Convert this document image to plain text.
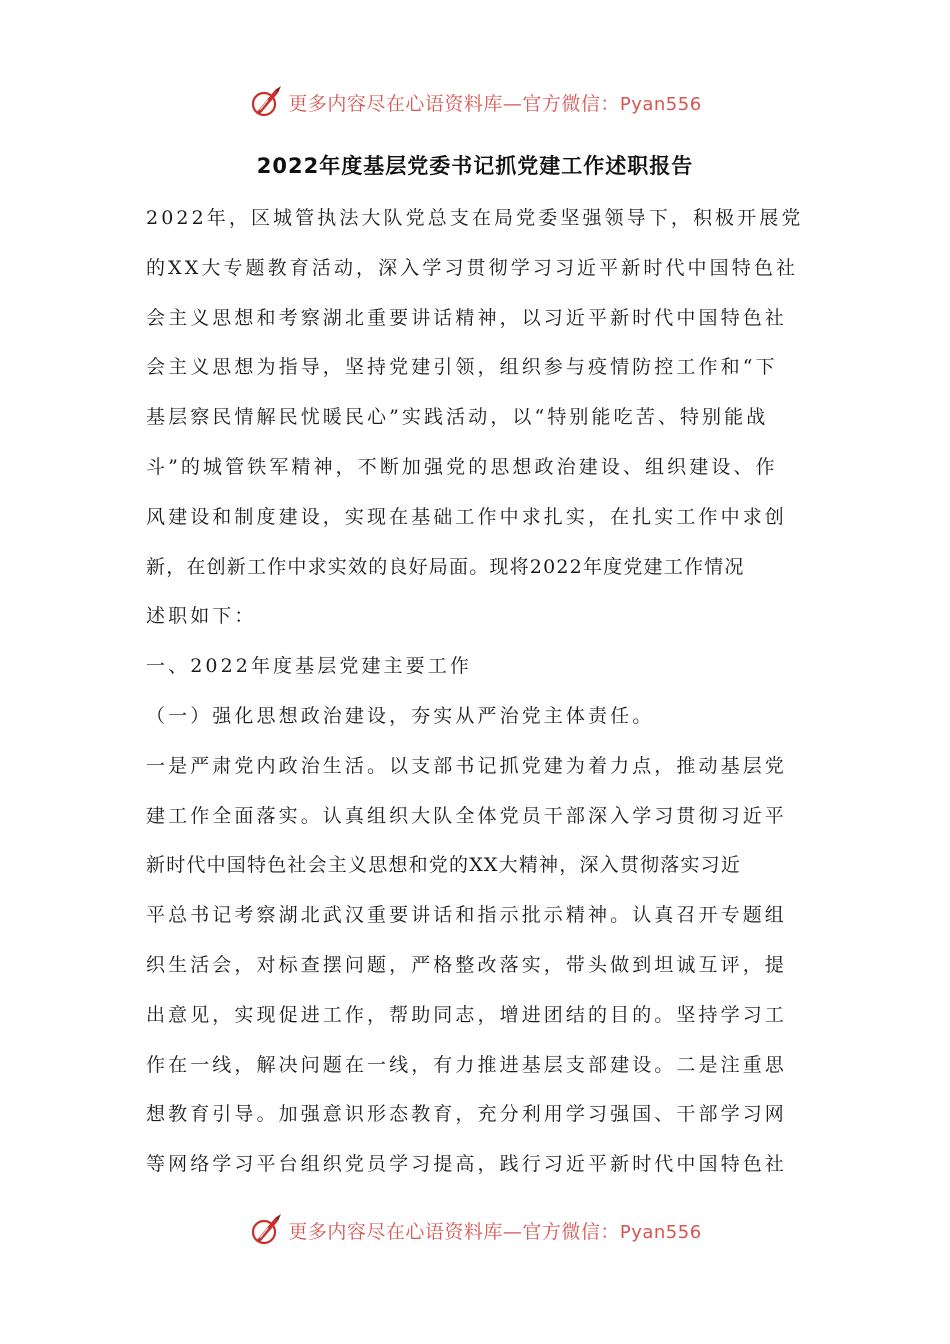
更多内容尽在心语资料库—官方微信：Pyan556
2022年度基层党委书记抓党建工作述职报告
2022年，区城管执法大队党总支在局党委坚强领导下，积极开展党
的XX大专题教育活动，深入学习贯彻学习习近平新时代中国特色社
会主义思想和考察湖北重要讲话精神，以习近平新时代中国特色社
会主义思想为指导，坚持党建引领，组织参与疫情防控工作和“下
基层察民情解民忧暖民心”实践活动，以“特别能吃苦、特别能战
斗”的城管铁军精神，不断加强党的思想政治建设、组织建设、作
风建设和制度建设，实现在基础工作中求扎实，在扎实工作中求创
新，在创新工作中求实效的良好局面。现将2022年度党建工作情况
述职如下：
一、2022年度基层党建主要工作
（一）强化思想政治建设，夯实从严治党主体责任。
一是严肃党内政治生活。以支部书记抓党建为着力点，推动基层党
建工作全面落实。认真组织大队全体党员干部深入学习贯彻习近平
新时代中国特色社会主义思想和党的XX大精神，深入贯彻落实习近
平总书记考察湖北武汉重要讲话和指示批示精神。认真召开专题组
织生活会，对标查摆问题，严格整改落实，带头做到坦诚互评，提
出意见，实现促进工作，帮助同志，增进团结的目的。坚持学习工
作在一线，解决问题在一线，有力推进基层支部建设。二是注重思
想教育引导。加强意识形态教育，充分利用学习强国、干部学习网
等网络学习平台组织党员学习提高，践行习近平新时代中国特色社
更多内容尽在心语资料库—官方微信：Pyan556
